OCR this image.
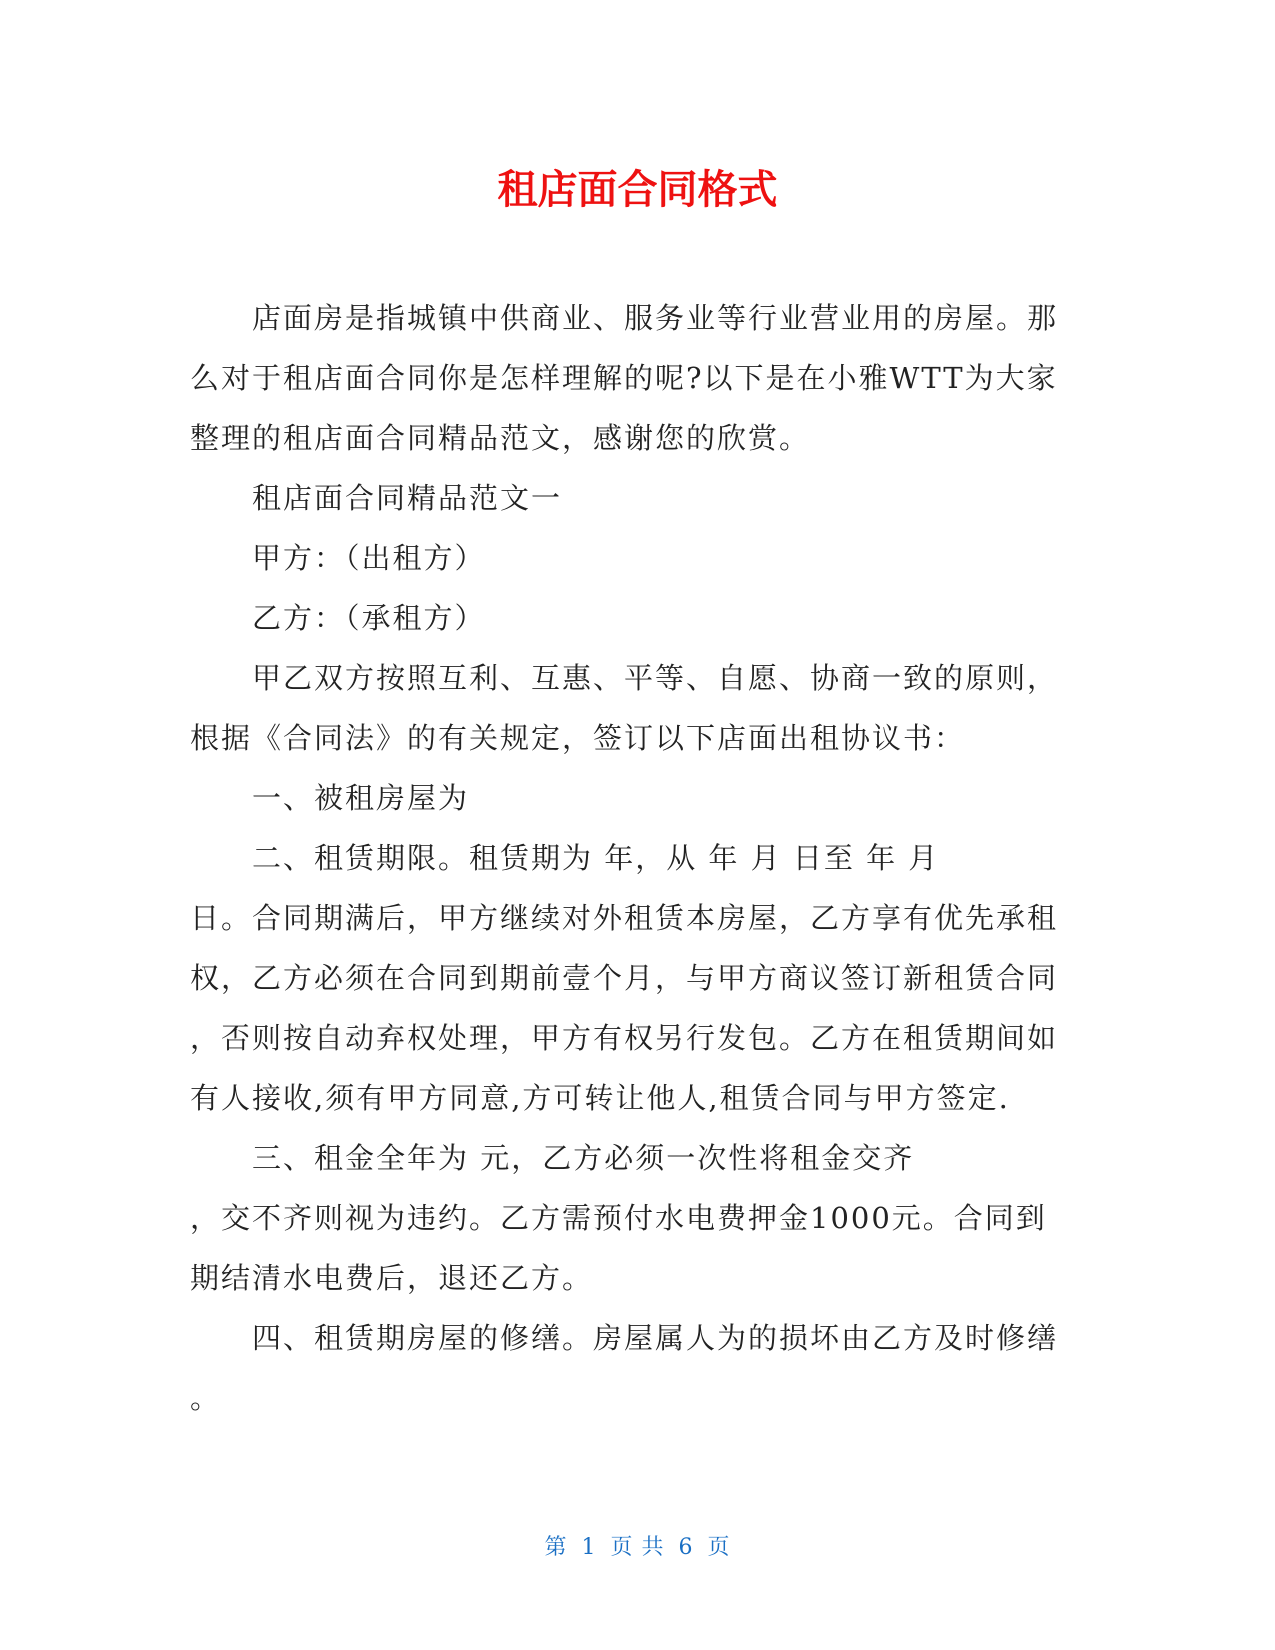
租店面合同格式

店面房是指城镇中供商业、服务业等行业营业用的房屋。那么对于租店面合同你是怎样理解的呢?以下是在小雅WTT为大家整理的租店面合同精品范文，感谢您的欣赏。

租店面合同精品范文一

甲方：（出租方）

乙方：（承租方）

甲乙双方按照互利、互惠、平等、自愿、协商一致的原则，根据《合同法》的有关规定，签订以下店面出租协议书：

一、被租房屋为

二、租赁期限。租赁期为 年，从 年 月 日至 年 月

日。合同期满后，甲方继续对外租赁本房屋，乙方享有优先承租权，乙方必须在合同到期前壹个月，与甲方商议签订新租赁合同

，否则按自动弃权处理，甲方有权另行发包。乙方在租赁期间如有人接收,须有甲方同意,方可转让他人,租赁合同与甲方签定.

三、租金全年为 元，乙方必须一次性将租金交齐

，交不齐则视为违约。乙方需预付水电费押金1000元。合同到期结清水电费后，退还乙方。

四、租赁期房屋的修缮。房屋属人为的损坏由乙方及时修缮

。

第 1 页 共 6 页
